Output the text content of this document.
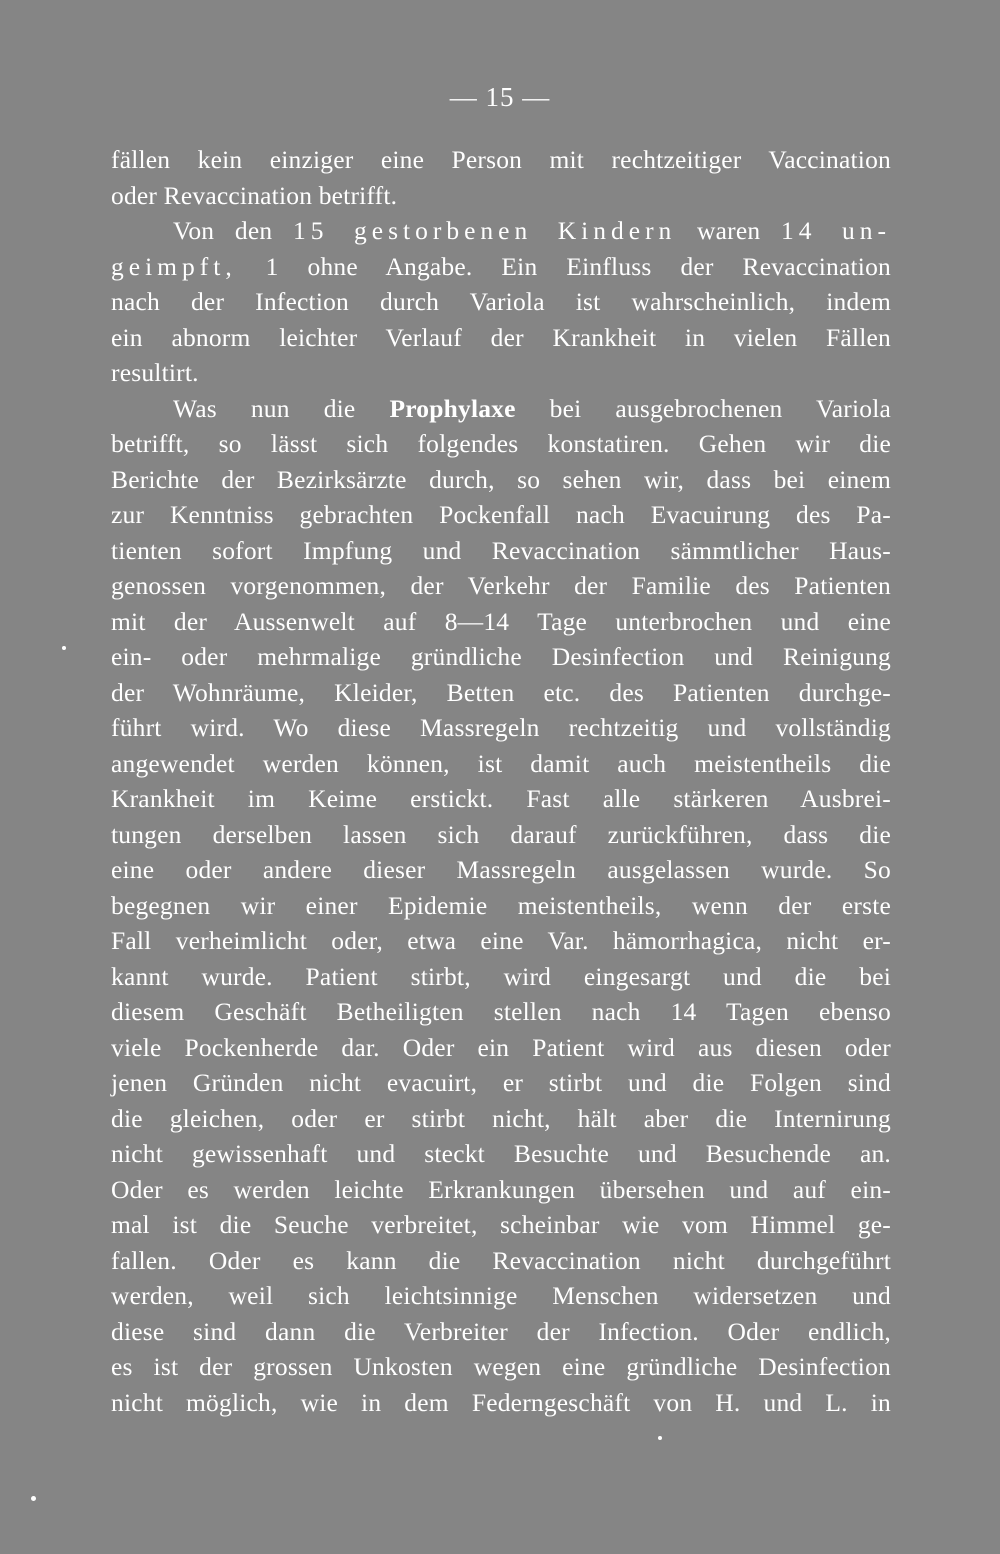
— 15 —
fällen kein einziger eine Person mit rechtzeitiger Vaccination
oder Revaccination betrifft.
Von den 15 gestorbenen Kindern waren 14 un-
geimpft, 1 ohne Angabe. Ein Einfluss der Revaccination
nach der Infection durch Variola ist wahrscheinlich, indem
ein abnorm leichter Verlauf der Krankheit in vielen Fällen
resultirt.
Was nun die Prophylaxe bei ausgebrochenen Variola
betrifft, so lässt sich folgendes konstatiren. Gehen wir die
Berichte der Bezirksärzte durch, so sehen wir, dass bei einem
zur Kenntniss gebrachten Pockenfall nach Evacuirung des Pa-
tienten sofort Impfung und Revaccination sämmtlicher Haus-
genossen vorgenommen, der Verkehr der Familie des Patienten
mit der Aussenwelt auf 8—14 Tage unterbrochen und eine
ein- oder mehrmalige gründliche Desinfection und Reinigung
der Wohnräume, Kleider, Betten etc. des Patienten durchge-
führt wird. Wo diese Massregeln rechtzeitig und vollständig
angewendet werden können, ist damit auch meistentheils die
Krankheit im Keime erstickt. Fast alle stärkeren Ausbrei-
tungen derselben lassen sich darauf zurückführen, dass die
eine oder andere dieser Massregeln ausgelassen wurde. So
begegnen wir einer Epidemie meistentheils, wenn der erste
Fall verheimlicht oder, etwa eine Var. hämorrhagica, nicht er-
kannt wurde. Patient stirbt, wird eingesargt und die bei
diesem Geschäft Betheiligten stellen nach 14 Tagen ebenso
viele Pockenherde dar. Oder ein Patient wird aus diesen oder
jenen Gründen nicht evacuirt, er stirbt und die Folgen sind
die gleichen, oder er stirbt nicht, hält aber die Internirung
nicht gewissenhaft und steckt Besuchte und Besuchende an.
Oder es werden leichte Erkrankungen übersehen und auf ein-
mal ist die Seuche verbreitet, scheinbar wie vom Himmel ge-
fallen. Oder es kann die Revaccination nicht durchgeführt
werden, weil sich leichtsinnige Menschen widersetzen und
diese sind dann die Verbreiter der Infection. Oder endlich,
es ist der grossen Unkosten wegen eine gründliche Desinfection
nicht möglich, wie in dem Federngeschäft von H. und L. in
